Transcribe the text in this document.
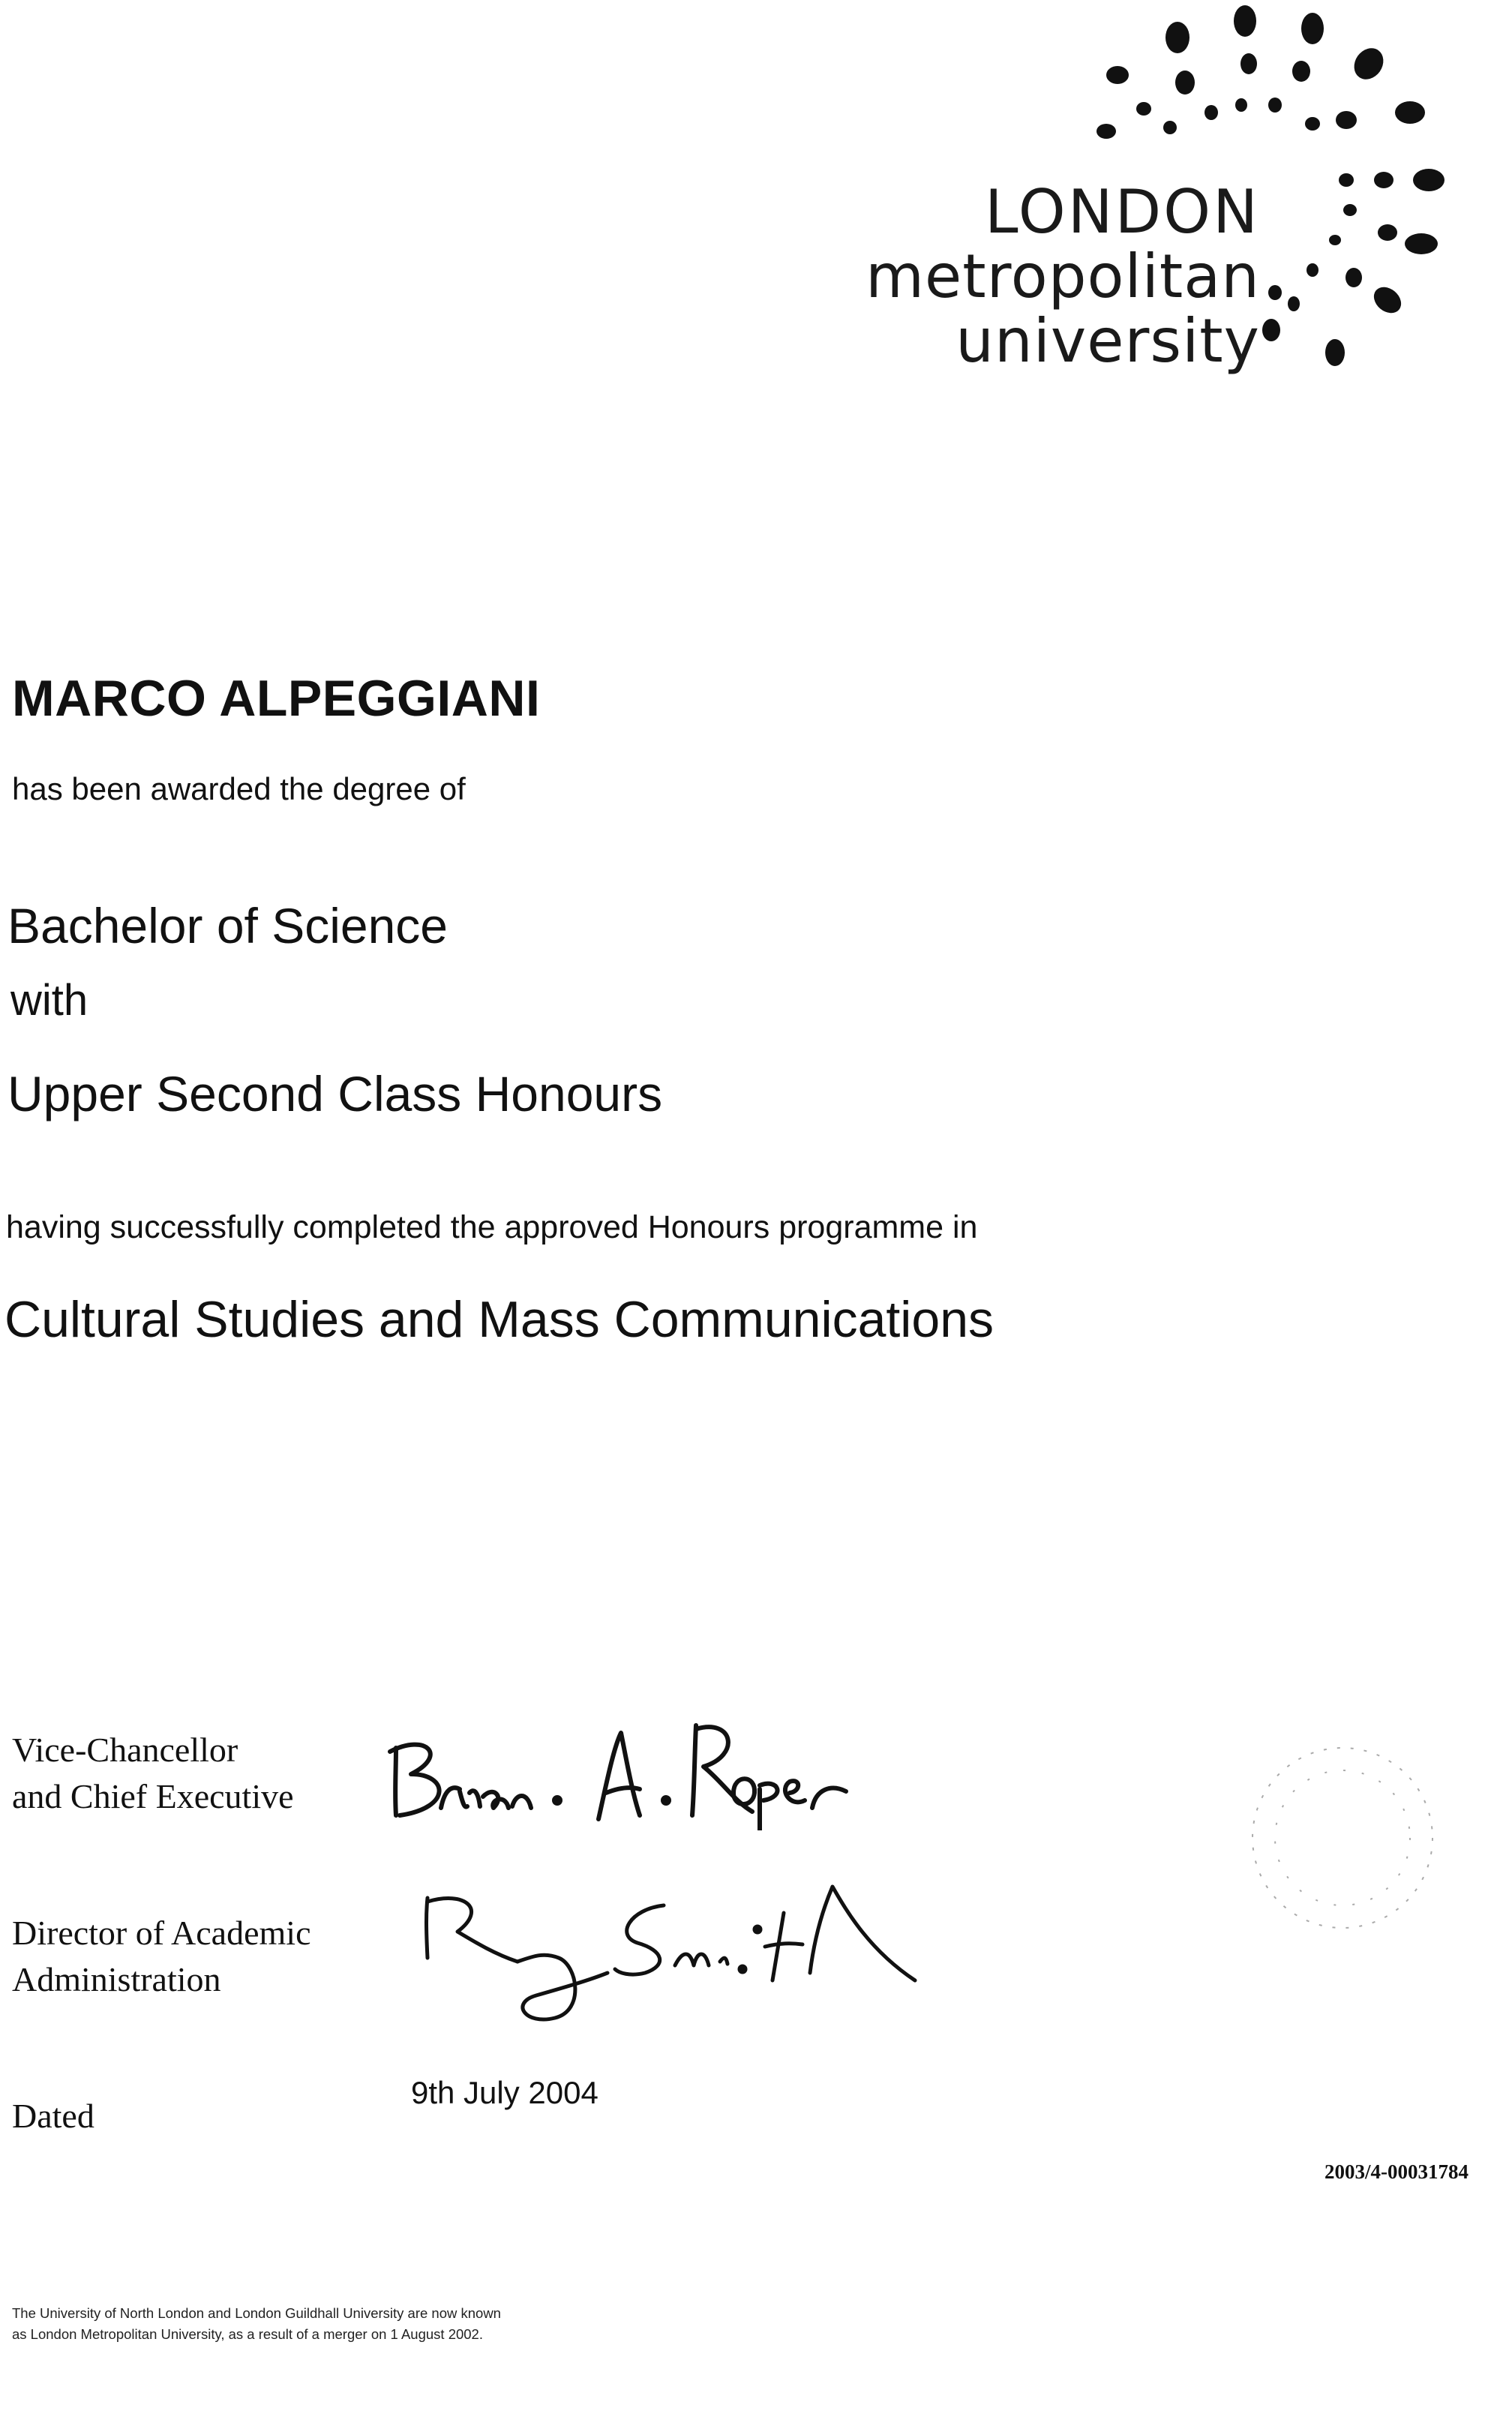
LONDON
metropolitan
university
MARCO ALPEGGIANI
has been awarded the degree of
Bachelor of Science
with
Upper Second Class Honours
having successfully completed the approved Honours programme in
Cultural Studies and Mass Communications
Vice-Chancellor
and Chief Executive
Director of Academic
Administration
Dated
9th July 2004
2003/4-00031784
The University of North London and London Guildhall University are now known
as London Metropolitan University, as a result of a merger on 1 August 2002.
